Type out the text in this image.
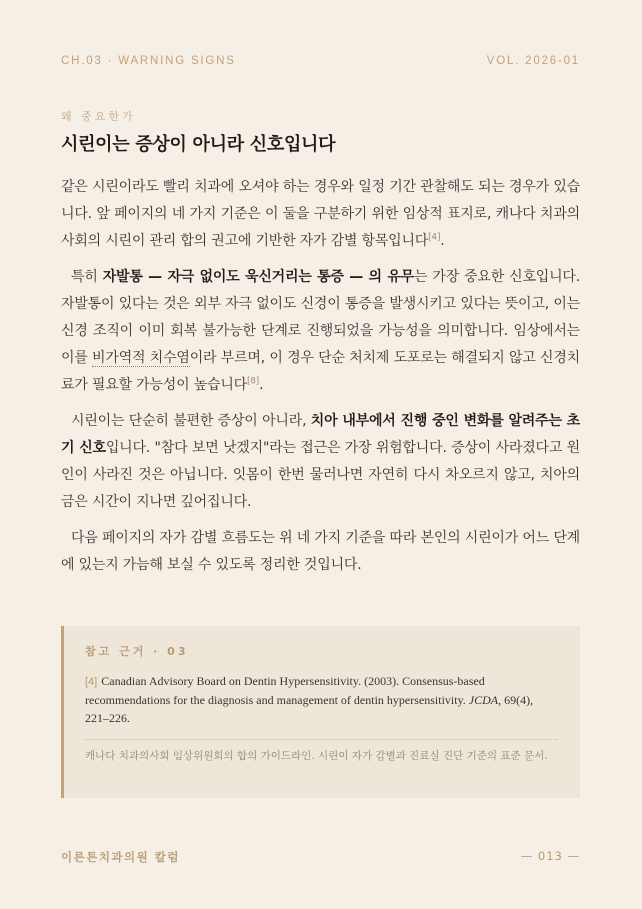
CH.03 · WARNING SIGNS	VOL. 2026-01
왜 중요한가
시린이는 증상이 아니라 신호입니다

같은 시린이라도 빨리 치과에 오셔야 하는 경우와 일정 기간 관찰해도 되는 경우가 있습니다. 앞 페이지의 네 가지 기준은 이 둘을 구분하기 위한 임상적 표지로, 캐나다 치과의사회의 시린이 관리 합의 권고에 기반한 자가 감별 항목입니다[4].

특히 자발통 — 자극 없이도 욱신거리는 통증 — 의 유무는 가장 중요한 신호입니다. 자발통이 있다는 것은 외부 자극 없이도 신경이 통증을 발생시키고 있다는 뜻이고, 이는 신경 조직이 이미 회복 불가능한 단계로 진행되었을 가능성을 의미합니다. 임상에서는 이를 비가역적 치수염이라 부르며, 이 경우 단순 처치제 도포로는 해결되지 않고 신경치료가 필요할 가능성이 높습니다[8].

시린이는 단순히 불편한 증상이 아니라, 치아 내부에서 진행 중인 변화를 알려주는 초기 신호입니다. "참다 보면 낫겠지"라는 접근은 가장 위험합니다. 증상이 사라졌다고 원인이 사라진 것은 아닙니다. 잇몸이 한번 물러나면 자연히 다시 차오르지 않고, 치아의 금은 시간이 지나면 깊어집니다.

다음 페이지의 자가 감별 흐름도는 위 네 가지 기준을 따라 본인의 시린이가 어느 단계에 있는지 가늠해 보실 수 있도록 정리한 것입니다.

참고 근거 · 03
[4] Canadian Advisory Board on Dentin Hypersensitivity. (2003). Consensus-based recommendations for the diagnosis and management of dentin hypersensitivity. JCDA, 69(4), 221–226.
캐나다 치과의사회 임상위원회의 합의 가이드라인. 시린이 자가 감별과 진료실 진단 기준의 표준 문서.
이른튼치과의원 칼럼	— 013 —
